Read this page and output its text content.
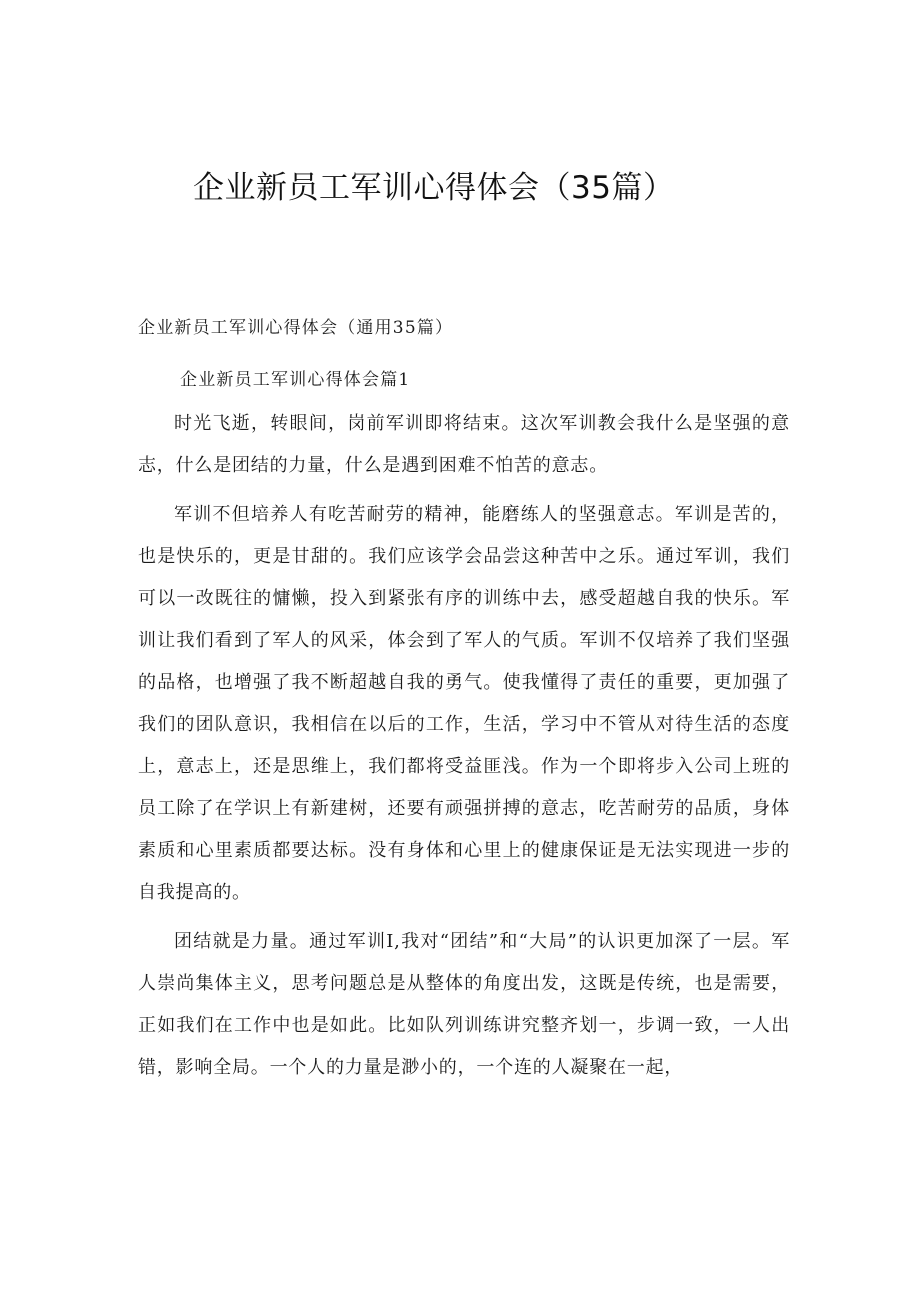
企业新员工军训心得体会（35篇）

企业新员工军训心得体会（通用35篇）

企业新员工军训心得体会篇1

时光飞逝，转眼间，岗前军训即将结束。这次军训教会我什么是坚强的意志，什么是团结的力量，什么是遇到困难不怕苦的意志。

军训不但培养人有吃苦耐劳的精神，能磨练人的坚强意志。军训是苦的，也是快乐的，更是甘甜的。我们应该学会品尝这种苦中之乐。通过军训，我们可以一改既往的慵懒，投入到紧张有序的训练中去，感受超越自我的快乐。军训让我们看到了军人的风采，体会到了军人的气质。军训不仅培养了我们坚强的品格，也增强了我不断超越自我的勇气。使我懂得了责任的重要，更加强了我们的团队意识，我相信在以后的工作，生活，学习中不管从对待生活的态度上，意志上，还是思维上，我们都将受益匪浅。作为一个即将步入公司上班的员工除了在学识上有新建树，还要有顽强拼搏的意志，吃苦耐劳的品质，身体素质和心里素质都要达标。没有身体和心里上的健康保证是无法实现进一步的自我提高的。

团结就是力量。通过军训I,我对“团结”和“大局”的认识更加深了一层。军人崇尚集体主义，思考问题总是从整体的角度出发，这既是传统，也是需要，正如我们在工作中也是如此。比如队列训练讲究整齐划一，步调一致，一人出错，影响全局。一个人的力量是渺小的，一个连的人凝聚在一起，
